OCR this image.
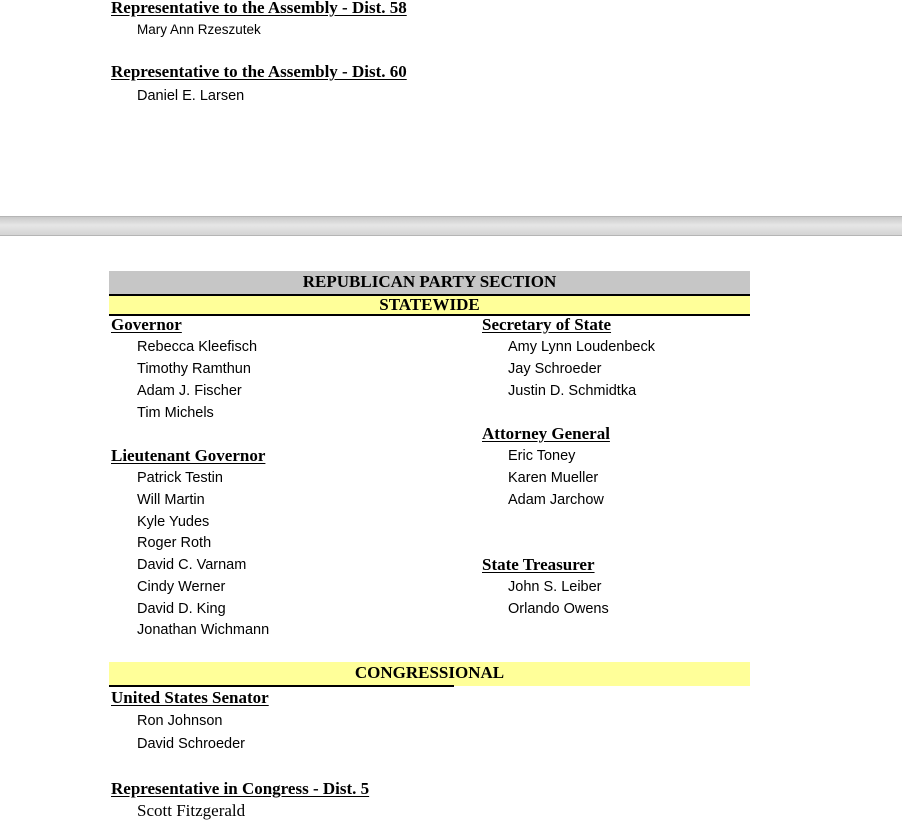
Representative to the Assembly - Dist. 58
Mary Ann Rzeszutek
Representative to the Assembly - Dist. 60
Daniel E. Larsen
REPUBLICAN PARTY SECTION
STATEWIDE
Governor
Rebecca Kleefisch
Timothy Ramthun
Adam J. Fischer
Tim Michels
Lieutenant Governor
Patrick Testin
Will Martin
Kyle Yudes
Roger Roth
David C. Varnam
Cindy Werner
David D. King
Jonathan Wichmann
Secretary of State
Amy Lynn Loudenbeck
Jay Schroeder
Justin D. Schmidtka
Attorney General
Eric Toney
Karen Mueller
Adam Jarchow
State Treasurer
John S. Leiber
Orlando Owens
CONGRESSIONAL
United States Senator
Ron Johnson
David Schroeder
Representative in Congress - Dist. 5
Scott Fitzgerald
